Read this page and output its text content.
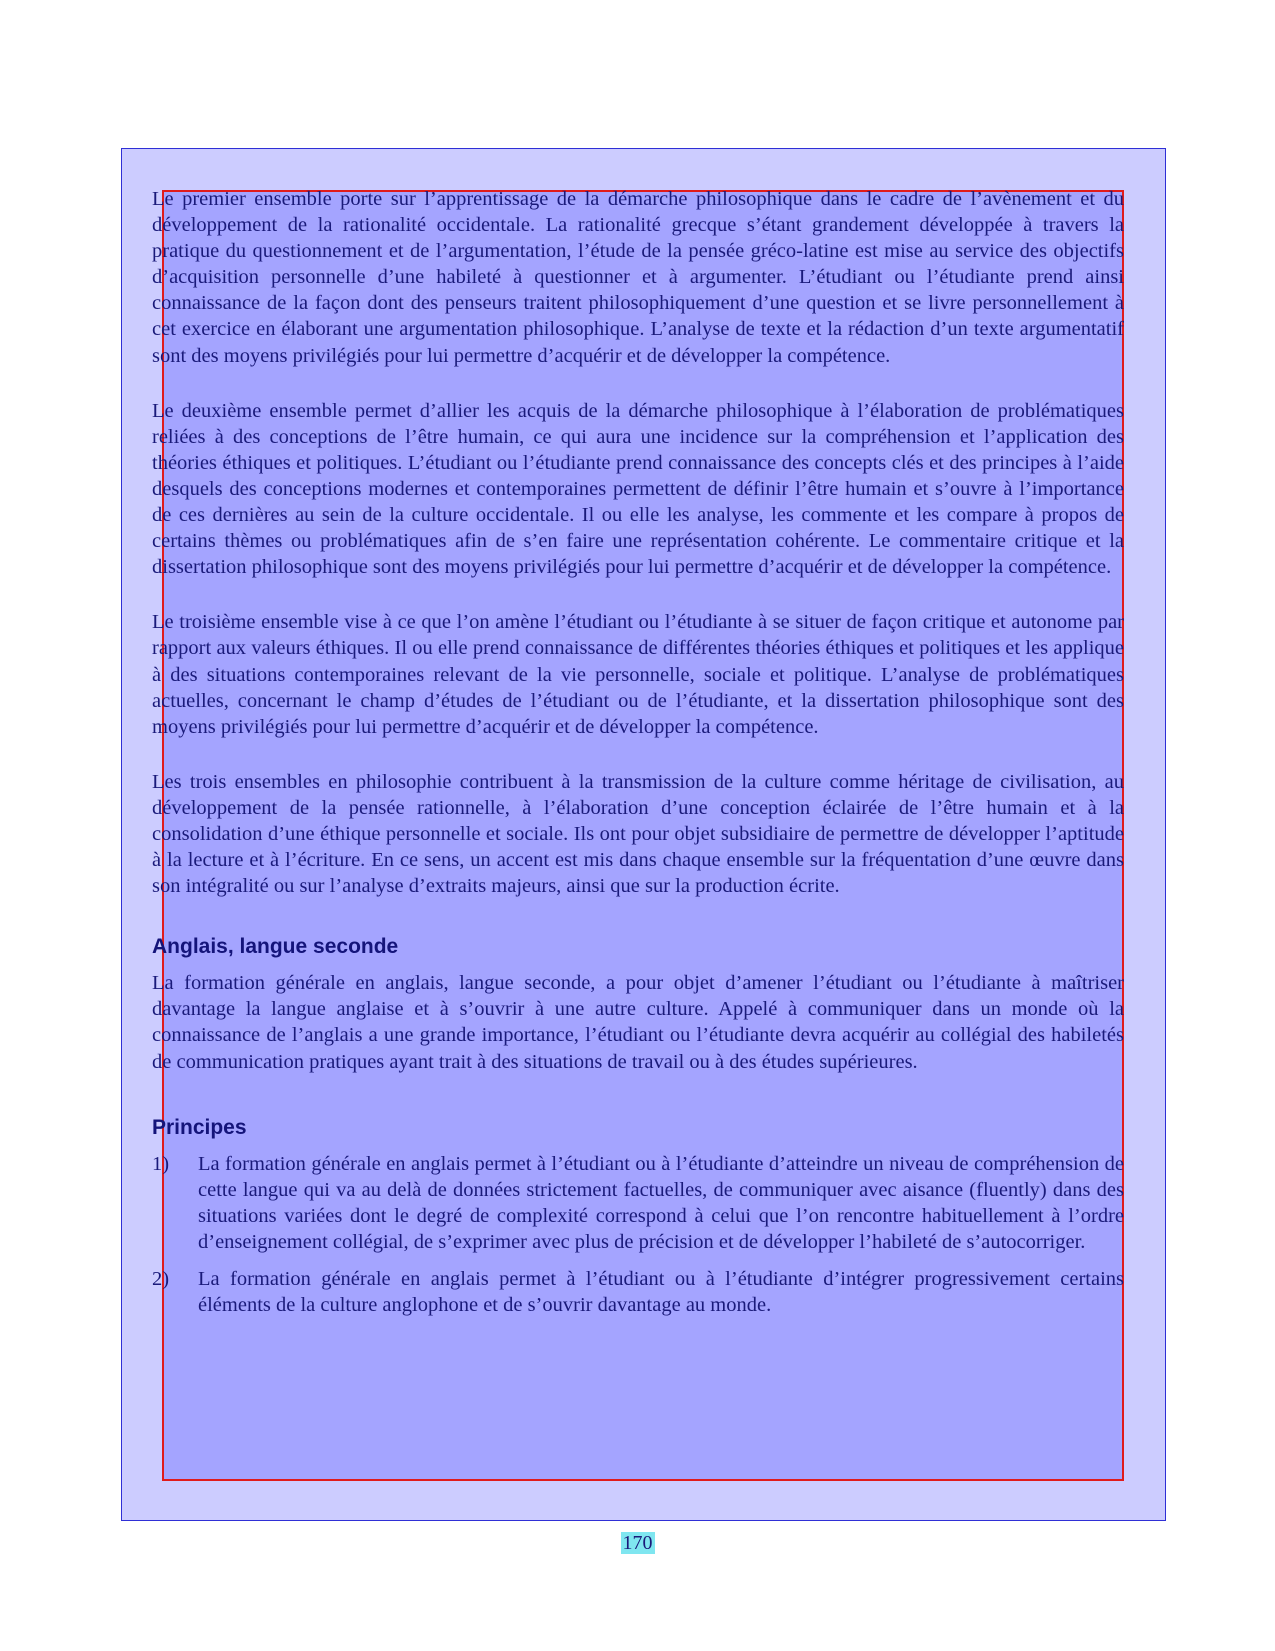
Le premier ensemble porte sur l’apprentissage de la démarche philosophique dans le cadre de l’avènement et du développement de la rationalité occidentale. La rationalité grecque s’étant grandement développée à travers la pratique du questionnement et de l’argumentation, l’étude de la pensée gréco-latine est mise au service des objectifs d’acquisition personnelle d’une habileté à questionner et à argumenter. L’étudiant ou l’étudiante prend ainsi connaissance de la façon dont des penseurs traitent philosophiquement d’une question et se livre personnellement à cet exercice en élaborant une argumentation philosophique. L’analyse de texte et la rédaction d’un texte argumentatif sont des moyens privilégiés pour lui permettre d’acquérir et de développer la compétence.

Le deuxième ensemble permet d’allier les acquis de la démarche philosophique à l’élaboration de problématiques reliées à des conceptions de l’être humain, ce qui aura une incidence sur la compréhension et l’application des théories éthiques et politiques. L’étudiant ou l’étudiante prend connaissance des concepts clés et des principes à l’aide desquels des conceptions modernes et contemporaines permettent de définir l’être humain et s’ouvre à l’importance de ces dernières au sein de la culture occidentale. Il ou elle les analyse, les commente et les compare à propos de certains thèmes ou problématiques afin de s’en faire une représentation cohérente. Le commentaire critique et la dissertation philosophique sont des moyens privilégiés pour lui permettre d’acquérir et de développer la compétence.

Le troisième ensemble vise à ce que l’on amène l’étudiant ou l’étudiante à se situer de façon critique et autonome par rapport aux valeurs éthiques. Il ou elle prend connaissance de différentes théories éthiques et politiques et les applique à des situations contemporaines relevant de la vie personnelle, sociale et politique. L’analyse de problématiques actuelles, concernant le champ d’études de l’étudiant ou de l’étudiante, et la dissertation philosophique sont des moyens privilégiés pour lui permettre d’acquérir et de développer la compétence.

Les trois ensembles en philosophie contribuent à la transmission de la culture comme héritage de civilisation, au développement de la pensée rationnelle, à l’élaboration d’une conception éclairée de l’être humain et à la consolidation d’une éthique personnelle et sociale. Ils ont pour objet subsidiaire de permettre de développer l’aptitude à la lecture et à l’écriture. En ce sens, un accent est mis dans chaque ensemble sur la fréquentation d’une œuvre dans son intégralité ou sur l’analyse d’extraits majeurs, ainsi que sur la production écrite.

Anglais, langue seconde

La formation générale en anglais, langue seconde, a pour objet d’amener l’étudiant ou l’étudiante à maîtriser davantage la langue anglaise et à s’ouvrir à une autre culture. Appelé à communiquer dans un monde où la connaissance de l’anglais a une grande importance, l’étudiant ou l’étudiante devra acquérir au collégial des habiletés de communication pratiques ayant trait à des situations de travail ou à des études supérieures.

Principes
1)	La formation générale en anglais permet à l’étudiant ou à l’étudiante d’atteindre un niveau de compréhension de cette langue qui va au delà de données strictement factuelles, de communiquer avec aisance (fluently) dans des situations variées dont le degré de complexité correspond à celui que l’on rencontre habituellement à l’ordre d’enseignement collégial, de s’exprimer avec plus de précision et de développer l’habileté de s’autocorriger.
2)	La formation générale en anglais permet à l’étudiant ou à l’étudiante d’intégrer progressivement certains éléments de la culture anglophone et de s’ouvrir davantage au monde.
170
